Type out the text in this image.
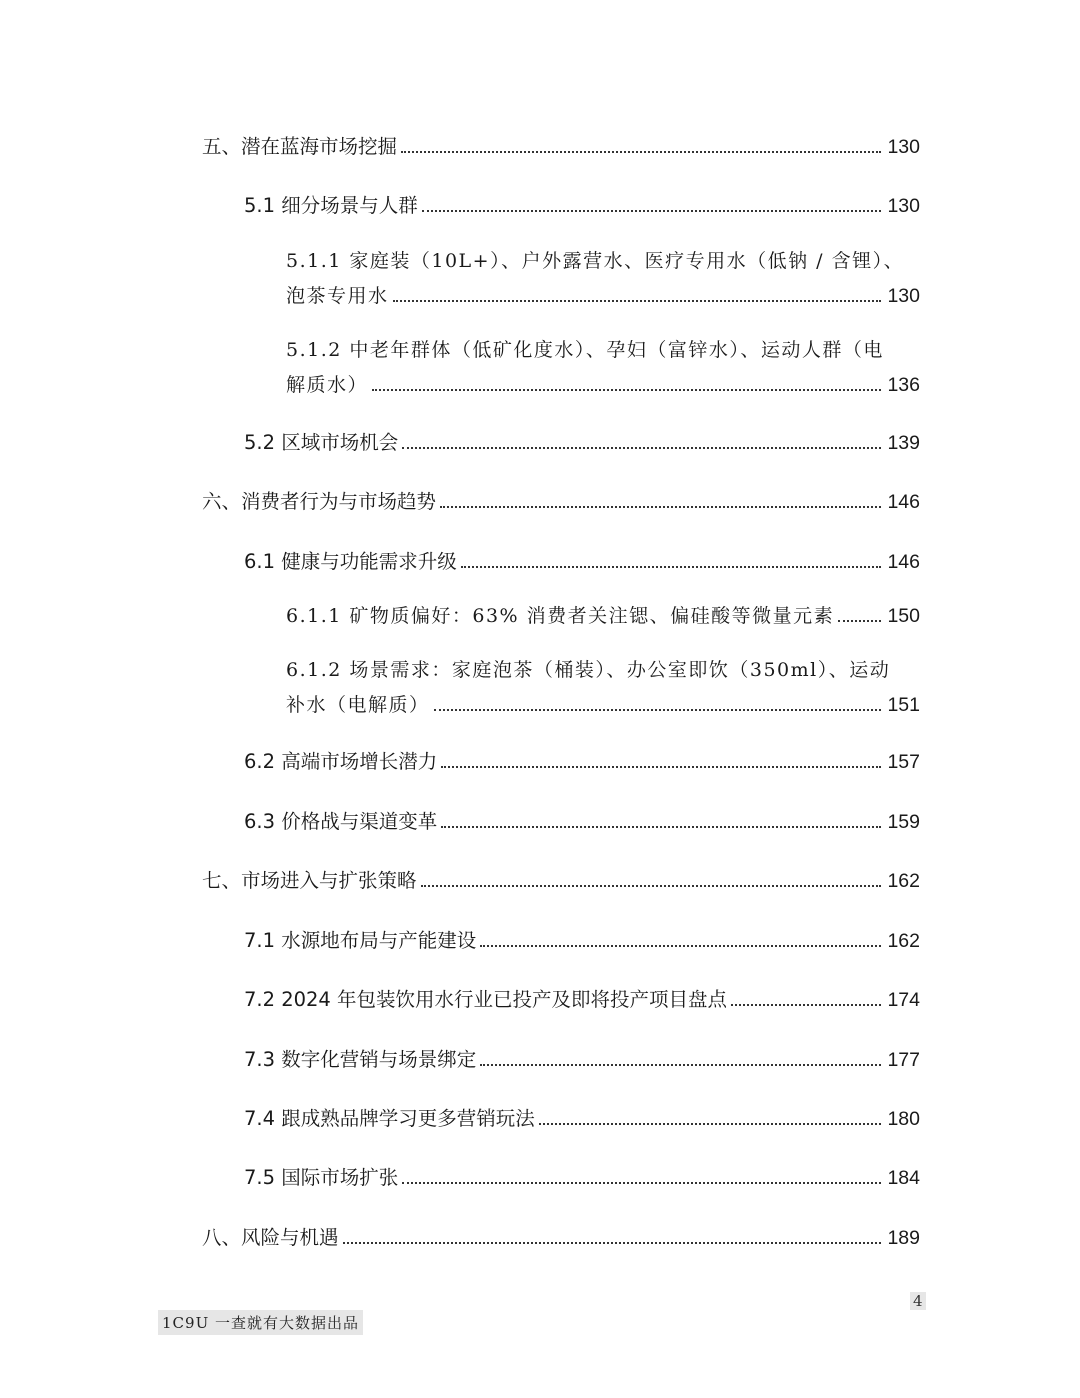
五、潜在蓝海市场挖掘	130
5.1 细分场景与人群	130
5.1.1 家庭装（10L+）、户外露营水、医疗专用水（低钠 / 含锂）、
泡茶专用水	130
5.1.2 中老年群体（低矿化度水）、孕妇（富锌水）、运动人群（电
解质水）	136
5.2 区域市场机会	139
六、消费者行为与市场趋势	146
6.1 健康与功能需求升级	146
6.1.1 矿物质偏好：63% 消费者关注锶、偏硅酸等微量元素	150
6.1.2 场景需求：家庭泡茶（桶装）、办公室即饮（350ml）、运动
补水（电解质）	151
6.2 高端市场增长潜力	157
6.3 价格战与渠道变革	159
七、市场进入与扩张策略	162
7.1 水源地布局与产能建设	162
7.2 2024 年包装饮用水行业已投产及即将投产项目盘点	174
7.3 数字化营销与场景绑定	177
7.4 跟成熟品牌学习更多营销玩法	180
7.5 国际市场扩张	184
八、风险与机遇	189
4
1C9U 一查就有大数据出品
